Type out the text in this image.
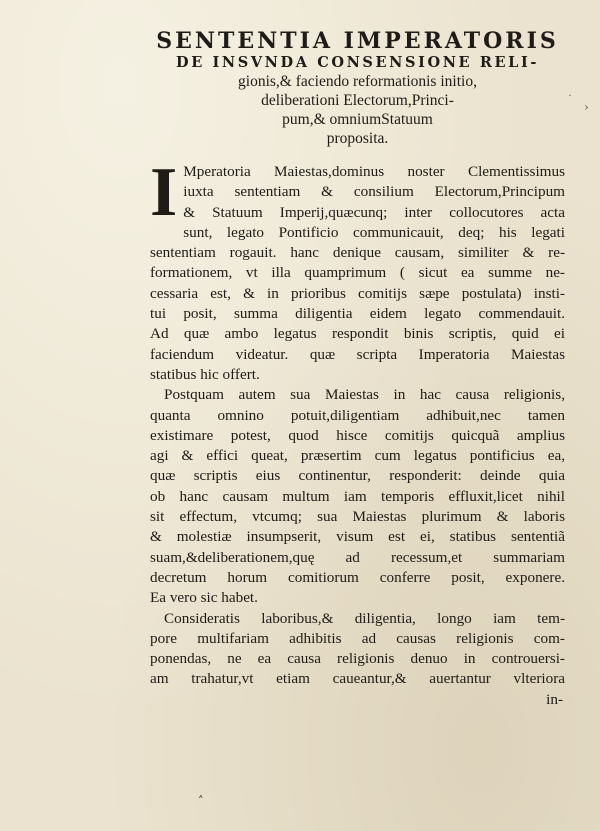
˙ ›
˰

SENTENTIA IMPERATORIS

DE INSVNDA CONSENSIONE RELI-

gionis,& faciendo reformationis initio,

deliberationi Electorum,Princi-

pum,& omniumStatuum

proposita.

I Mperatoria Maiestas,dominus noster Clementissimus
iuxta sententiam & consilium Electorum,Principum
& Statuum Imperij,quæcunq; inter collocutores acta
sunt, legato Pontificio communicauit, deq; his legati
sententiam rogauit. hanc denique causam, similiter & re-
formationem, vt illa quamprimum ( sicut ea summe ne-
cessaria est, & in prioribus comitijs sæpe postulata) insti-
tui posit, summa diligentia eidem legato commendauit.
Ad quæ ambo legatus respondit binis scriptis, quid ei
faciendum videatur. quæ scripta Imperatoria Maiestas
statibus hic offert.

Postquam autem sua Maiestas in hac causa religionis,
quanta omnino potuit,diligentiam adhibuit,nec tamen
existimare potest, quod hisce comitijs quicquã amplius
agi & effici queat, præsertim cum legatus pontificius ea,
quæ scriptis eius continentur, responderit: deinde quia
ob hanc causam multum iam temporis effluxit,licet nihil
sit effectum, vtcumq; sua Maiestas plurimum & laboris
& molestiæ insumpserit, visum est ei, statibus sententiã
suam,&deliberationem,quę ad recessum,et summariam
decretum horum comitiorum conferre posit, exponere.
Ea vero sic habet.

Consideratis laboribus,& diligentia, longo iam tem-
pore multifariam adhibitis ad causas religionis com-
ponendas, ne ea causa religionis denuo in controuersi-
am trahatur,vt etiam caueantur,& auertantur vlteriora

in-
